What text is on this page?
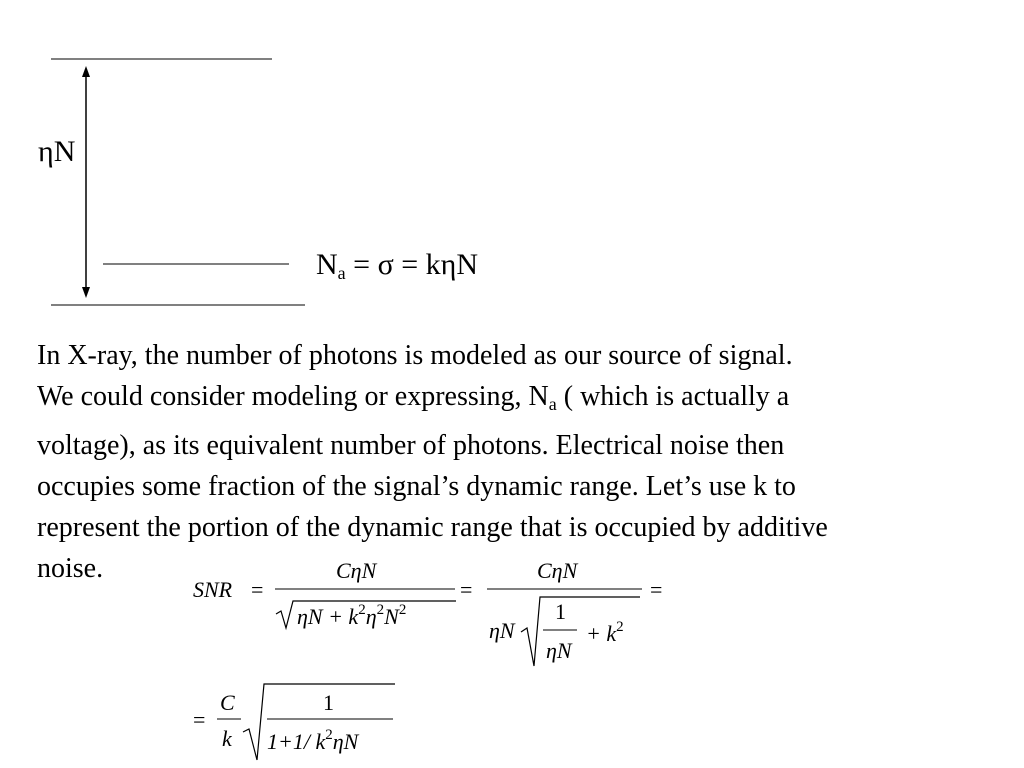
ηN
$N_a = \sigma = k\eta N$

In X-ray, the number of photons is modeled as our source of signal.

We could consider modeling or expressing, $N_a$ ( which is actually a

voltage), as its equivalent number of photons. Electrical noise then

occupies some fraction of the signal’s dynamic range. Let’s use k to

represent the portion of the dynamic range that is occupied by additive

noise.

SNR =
CηN
$\eta N + k^2\eta^2N^2$
=
CηN
ηN
1
ηN
+ $k^2$
=
=
C
k
1
1+1/ $k^2\eta N$
